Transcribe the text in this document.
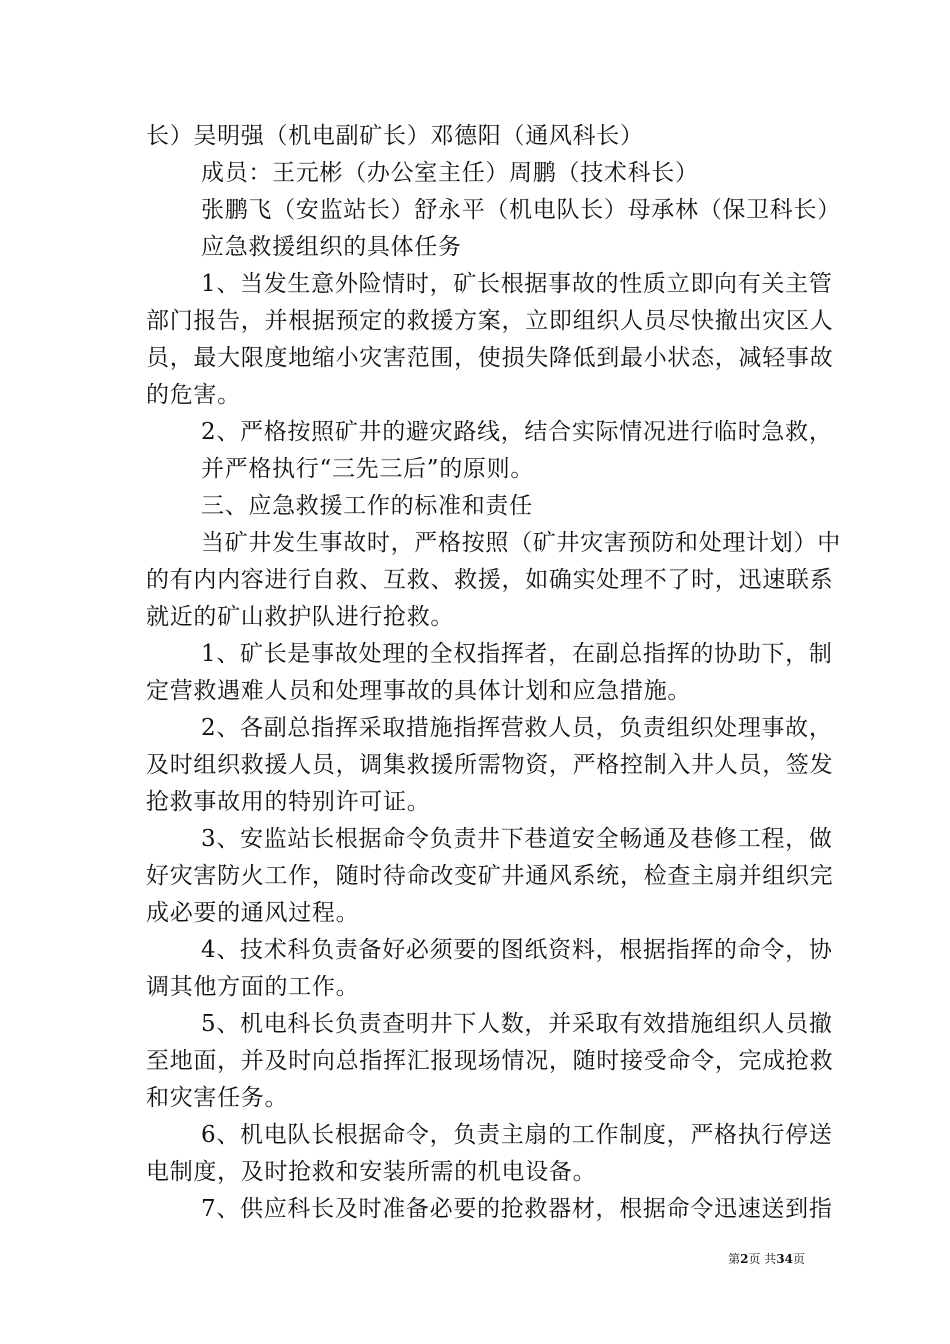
长）吴明强（机电副矿长）邓德阳（通风科长）
成员：王元彬（办公室主任）周鹏（技术科长）
张鹏飞（安监站长）舒永平（机电队长）母承林（保卫科长）
应急救援组织的具体任务
1、当发生意外险情时，矿长根据事故的性质立即向有关主管
部门报告，并根据预定的救援方案，立即组织人员尽快撤出灾区人
员，最大限度地缩小灾害范围，使损失降低到最小状态，减轻事故
的危害。
2、严格按照矿井的避灾路线，结合实际情况进行临时急救，
并严格执行“三先三后”的原则。
三、应急救援工作的标准和责任
当矿井发生事故时，严格按照（矿井灾害预防和处理计划）中
的有内内容进行自救、互救、救援，如确实处理不了时，迅速联系
就近的矿山救护队进行抢救。
1、矿长是事故处理的全权指挥者，在副总指挥的协助下，制
定营救遇难人员和处理事故的具体计划和应急措施。
2、各副总指挥采取措施指挥营救人员，负责组织处理事故，
及时组织救援人员，调集救援所需物资，严格控制入井人员，签发
抢救事故用的特别许可证。
3、安监站长根据命令负责井下巷道安全畅通及巷修工程，做
好灾害防火工作，随时待命改变矿井通风系统，检查主扇并组织完
成必要的通风过程。
4、技术科负责备好必须要的图纸资料，根据指挥的命令，协
调其他方面的工作。
5、机电科长负责查明井下人数，并采取有效措施组织人员撤
至地面，并及时向总指挥汇报现场情况，随时接受命令，完成抢救
和灾害任务。
6、机电队长根据命令，负责主扇的工作制度，严格执行停送
电制度，及时抢救和安装所需的机电设备。
7、供应科长及时准备必要的抢救器材，根据命令迅速送到指
第2页 共34页
